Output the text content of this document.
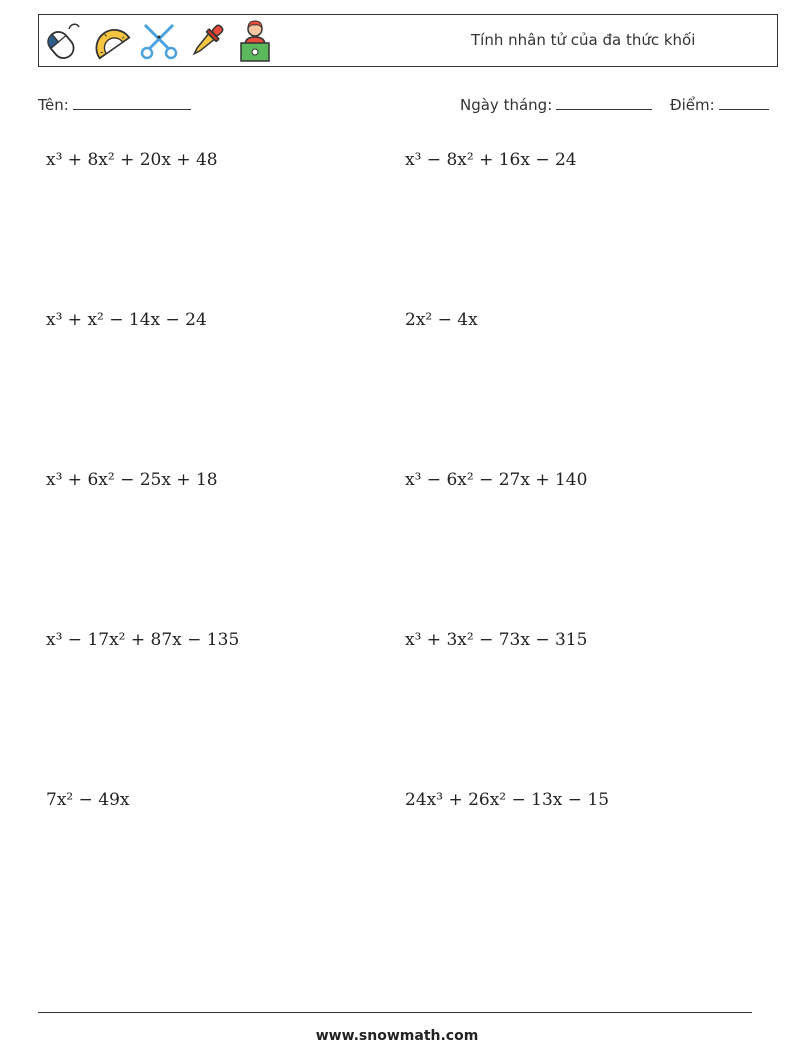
Tính nhân tử của đa thức khối
Tên:	Ngày tháng:	Điểm:
x³ + 8x² + 20x + 48	x³ − 8x² + 16x − 24
x³ + x² − 14x − 24	2x² − 4x
x³ + 6x² − 25x + 18	x³ − 6x² − 27x + 140
x³ − 17x² + 87x − 135	x³ + 3x² − 73x − 315
7x² − 49x	24x³ + 26x² − 13x − 15
www.snowmath.com
